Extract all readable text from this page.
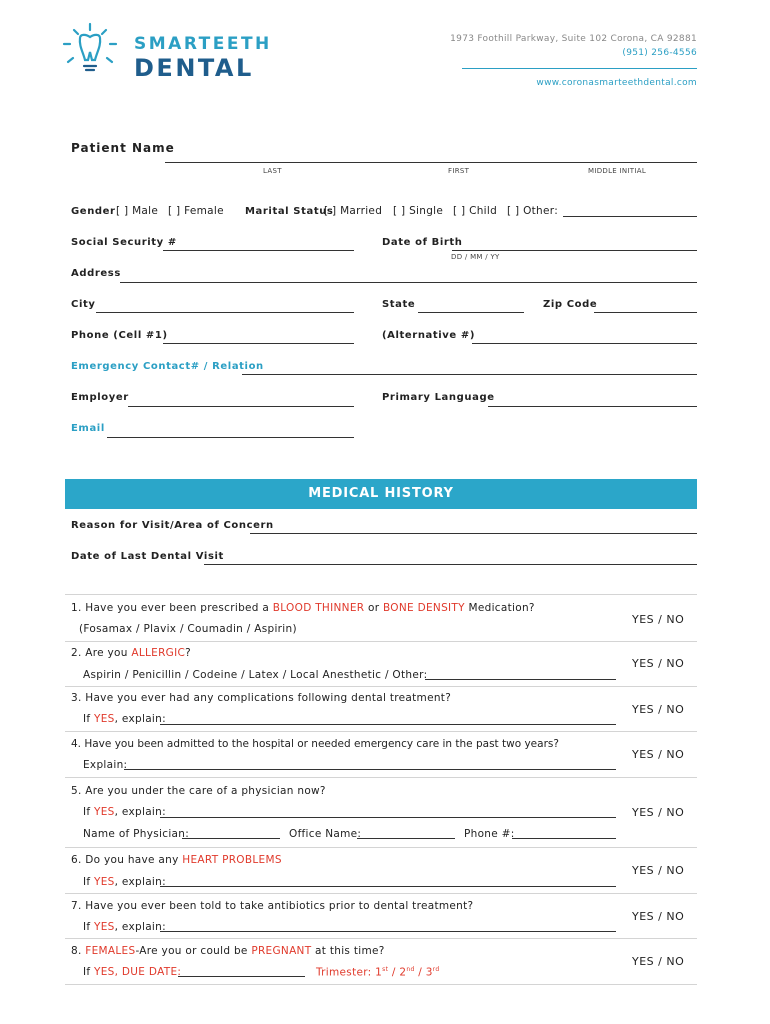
SMARTEETH
DENTAL
1973 Foothill Parkway, Suite 102 Corona, CA 92881
(951) 256-4556
www.coronasmarteethdental.com
Patient Name
LAST	FIRST	MIDDLE INITIAL
Gender [ ] Male [ ] Female Marital Status
[ ] Married [ ] Single [ ] Child [ ] Other:
Social Security #	Date of Birth
DD / MM / YY
Address
City	State	Zip Code
Phone (Cell #1)	(Alternative #)
Emergency Contact# / Relation
Employer	Primary Language
Email
MEDICAL HISTORY
Reason for Visit/Area of Concern
Date of Last Dental Visit
1. Have you ever been prescribed a BLOOD THINNER or BONE DENSITY Medication?
(Fosamax / Plavix / Coumadin / Aspirin)
YES / NO
2. Are you ALLERGIC?
Aspirin / Penicillin / Codeine / Latex / Local Anesthetic / Other:
YES / NO
3. Have you ever had any complications following dental treatment?
If YES, explain:
YES / NO
4. Have you been admitted to the hospital or needed emergency care in the past two years?
Explain:
YES / NO
5. Are you under the care of a physician now?
If YES, explain:
Name of Physician:	Office Name:	Phone #:
YES / NO
6. Do you have any HEART PROBLEMS
If YES, explain:
YES / NO
7. Have you ever been told to take antibiotics prior to dental treatment?
If YES, explain:
YES / NO
8. FEMALES-Are you or could be PREGNANT at this time?
If YES, DUE DATE:	Trimester: 1st / 2nd / 3rd
YES / NO
